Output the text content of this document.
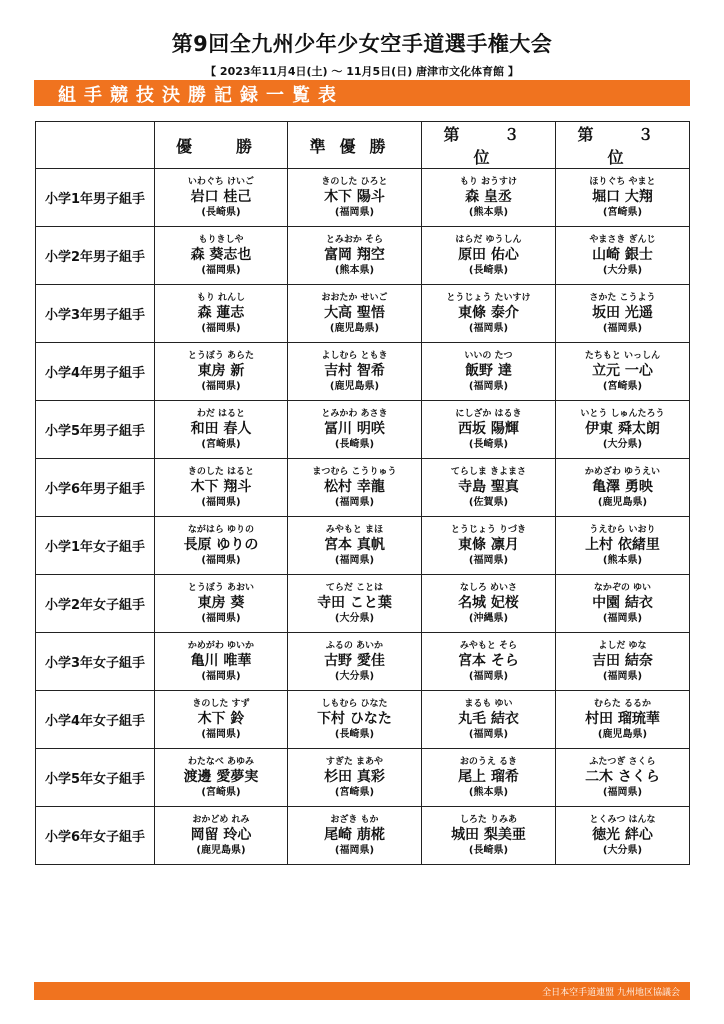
第9回全九州少年少女空手道選手権大会
【 2023年11月4日(土) 〜 11月5日(日) 唐津市文化体育館 】
組手競技決勝記録一覧表
	優　勝	準優勝	第　３　位	第　３　位
小学1年男子組手	いわぐち けいご
岩口 桂己
(長崎県)	きのした ひろと
木下 陽斗
(福岡県)	もり おうすけ
森 皇丞
(熊本県)	ほりぐち やまと
堀口 大翔
(宮崎県)

小学2年男子組手	もりきしや
森 葵志也
(福岡県)	とみおか そら
富岡 翔空
(熊本県)	はらだ ゆうしん
原田 佑心
(長崎県)	やまさき ぎんじ
山崎 銀士
(大分県)

小学3年男子組手	もり れんし
森 蓮志
(福岡県)	おおたか せいご
大高 聖悟
(鹿児島県)	とうじょう たいすけ
東條 泰介
(福岡県)	さかた こうよう
坂田 光遥
(福岡県)

小学4年男子組手	とうぼう あらた
東房 新
(福岡県)	よしむら ともき
吉村 智希
(鹿児島県)	いいの たつ
飯野 達
(福岡県)	たちもと いっしん
立元 一心
(宮崎県)

小学5年男子組手	わだ はると
和田 春人
(宮崎県)	とみかわ あさき
冨川 明咲
(長崎県)	にしざか はるき
西坂 陽輝
(長崎県)	いとう しゅんたろう
伊東 舜太朗
(大分県)

小学6年男子組手	きのした はると
木下 翔斗
(福岡県)	まつむら こうりゅう
松村 幸龍
(福岡県)	てらしま きよまさ
寺島 聖真
(佐賀県)	かめざわ ゆうえい
亀澤 勇映
(鹿児島県)

小学1年女子組手	ながはら ゆりの
長原 ゆりの
(福岡県)	みやもと まほ
宮本 真帆
(福岡県)	とうじょう りづき
東條 凛月
(福岡県)	うえむら いおり
上村 依緒里
(熊本県)

小学2年女子組手	とうぼう あおい
東房 葵
(福岡県)	てらだ ことは
寺田 こと葉
(大分県)	なしろ めいさ
名城 妃桜
(沖縄県)	なかぞの ゆい
中園 結衣
(福岡県)

小学3年女子組手	かめがわ ゆいか
亀川 唯華
(福岡県)	ふるの あいか
古野 愛佳
(大分県)	みやもと そら
宮本 そら
(福岡県)	よしだ ゆな
吉田 結奈
(福岡県)

小学4年女子組手	きのした すず
木下 鈴
(福岡県)	しもむら ひなた
下村 ひなた
(長崎県)	まるも ゆい
丸毛 結衣
(福岡県)	むらた るるか
村田 瑠琉華
(鹿児島県)

小学5年女子組手	わたなべ あゆみ
渡邊 愛夢実
(宮崎県)	すぎた まあや
杉田 真彩
(宮崎県)	おのうえ るき
尾上 瑠希
(熊本県)	ふたつぎ さくら
二木 さくら
(福岡県)

小学6年女子組手	おかどめ れみ
岡留 玲心
(鹿児島県)	おざき もか
尾崎 萠椛
(福岡県)	しろた りみあ
城田 梨美亜
(長崎県)	とくみつ はんな
徳光 絆心
(大分県)
全日本空手道連盟 九州地区協議会
